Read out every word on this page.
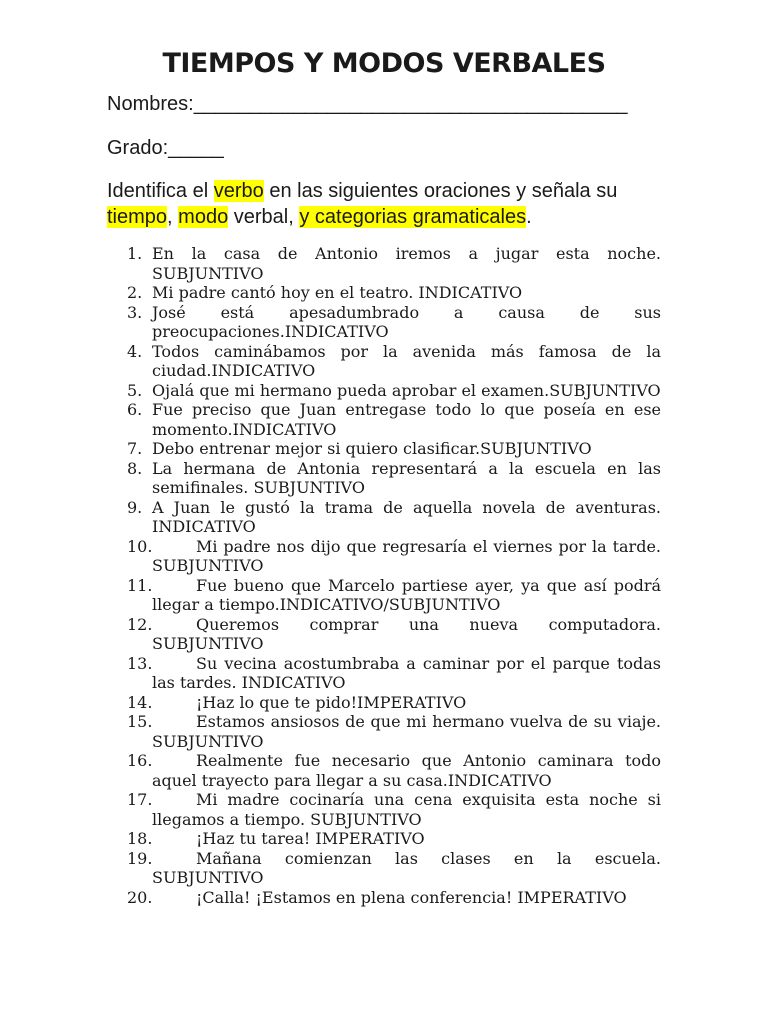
TIEMPOS Y MODOS VERBALES

Nombres:_______________________________________

Grado:_____

Identifica el verbo en las siguientes oraciones y señala su tiempo, modo verbal, y categorias gramaticales.

1. En la casa de Antonio iremos a jugar esta noche. SUBJUNTIVO
2. Mi padre cantó hoy en el teatro. INDICATIVO
3. José está apesadumbrado a causa de sus preocupaciones.INDICATIVO
4. Todos caminábamos por la avenida más famosa de la ciudad.INDICATIVO
5. Ojalá que mi hermano pueda aprobar el examen.SUBJUNTIVO
6. Fue preciso que Juan entregase todo lo que poseía en ese momento.INDICATIVO
7. Debo entrenar mejor si quiero clasificar.SUBJUNTIVO
8. La hermana de Antonia representará a la escuela en las semifinales. SUBJUNTIVO
9. A Juan le gustó la trama de aquella novela de aventuras. INDICATIVO
10.	Mi padre nos dijo que regresaría el viernes por la tarde. SUBJUNTIVO
11.	Fue bueno que Marcelo partiese ayer, ya que así podrá llegar a tiempo.INDICATIVO/SUBJUNTIVO
12.	Queremos comprar una nueva computadora. SUBJUNTIVO
13.	Su vecina acostumbraba a caminar por el parque todas las tardes. INDICATIVO
14.	¡Haz lo que te pido!IMPERATIVO
15.	Estamos ansiosos de que mi hermano vuelva de su viaje. SUBJUNTIVO
16.	Realmente fue necesario que Antonio caminara todo aquel trayecto para llegar a su casa.INDICATIVO
17.	Mi madre cocinaría una cena exquisita esta noche si llegamos a tiempo. SUBJUNTIVO
18.	¡Haz tu tarea! IMPERATIVO
19.	Mañana comienzan las clases en la escuela. SUBJUNTIVO
20.	¡Calla! ¡Estamos en plena conferencia! IMPERATIVO
